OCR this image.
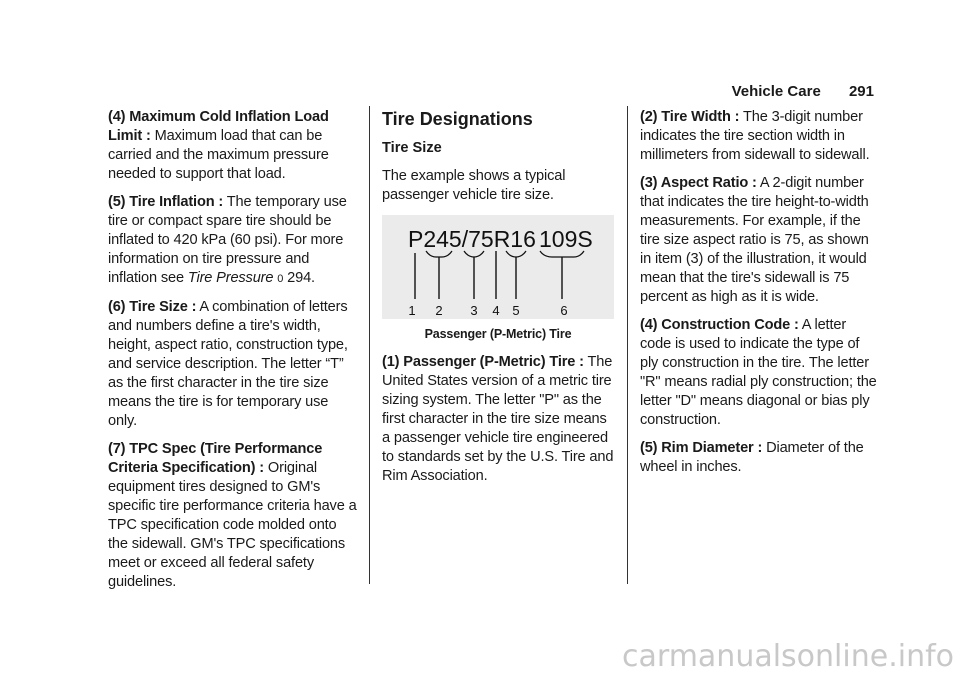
Vehicle Care 291

(4) Maximum Cold Inflation Load Limit : Maximum load that can be carried and the maximum pressure needed to support that load.

(5) Tire Inflation : The temporary use tire or compact spare tire should be inflated to 420 kPa (60 psi). For more information on tire pressure and inflation see Tire Pressure 0 294.

(6) Tire Size : A combination of letters and numbers define a tire's width, height, aspect ratio, construction type, and service description. The letter “T” as the first character in the tire size means the tire is for temporary use only.

(7) TPC Spec (Tire Performance Criteria Specification) : Original equipment tires designed to GM's specific tire performance criteria have a TPC specification code molded onto the sidewall. GM's TPC specifications meet or exceed all federal safety guidelines.

Tire Designations
Tire Size

The example shows a typical passenger vehicle tire size.

P245/75R16 109S
1 2 3 4 5	6

Passenger (P-Metric) Tire

(1) Passenger (P-Metric) Tire : The United States version of a metric tire sizing system. The letter "P" as the first character in the tire size means a passenger vehicle tire engineered to standards set by the U.S. Tire and Rim Association.

(2) Tire Width : The 3-digit number indicates the tire section width in millimeters from sidewall to sidewall.

(3) Aspect Ratio : A 2-digit number that indicates the tire height-to-width measurements. For example, if the tire size aspect ratio is 75, as shown in item (3) of the illustration, it would mean that the tire's sidewall is 75 percent as high as it is wide.

(4) Construction Code : A letter code is used to indicate the type of ply construction in the tire. The letter "R" means radial ply construction; the letter "D" means diagonal or bias ply construction.

(5) Rim Diameter : Diameter of the wheel in inches.

carmanualsonline.info
